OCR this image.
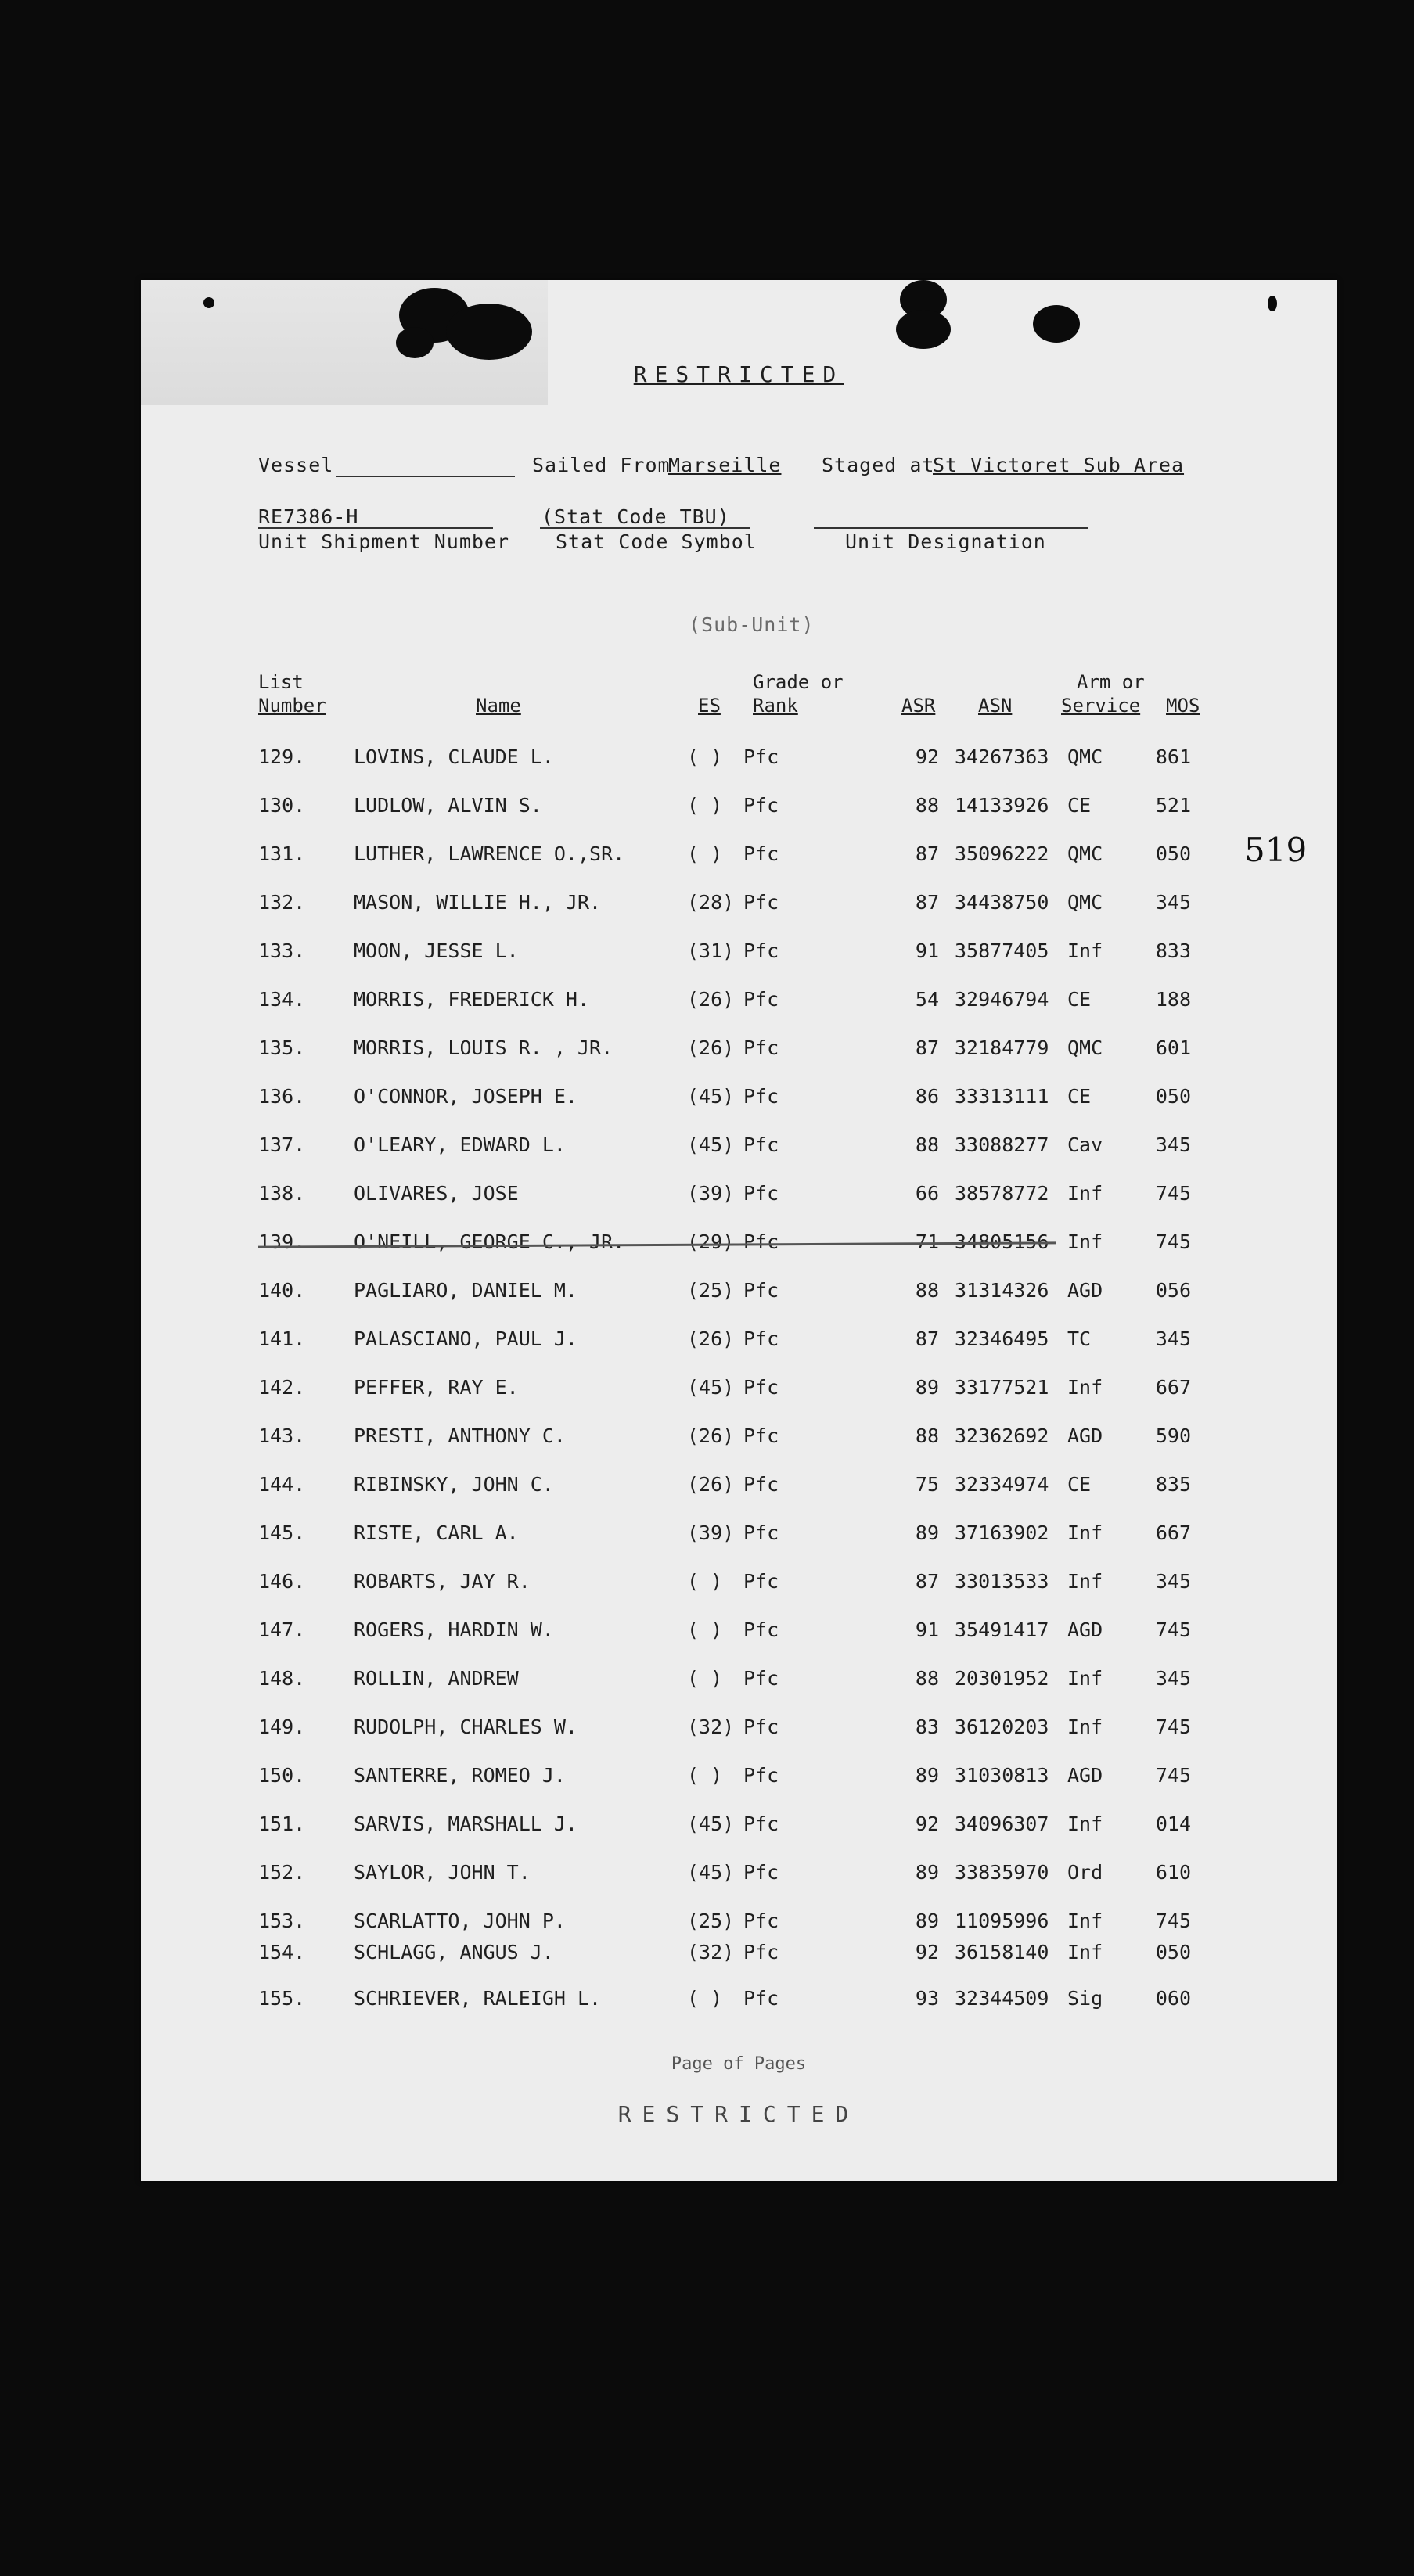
RESTRICTED
Vessel	Sailed From
Marseille Staged at
St Victoret Sub Area
RE7386-H
Unit Shipment Number
(Stat Code TBU)
Stat Code Symbol	Unit Designation
(Sub-Unit)
519
List
Number	Name	ES
Grade or
Rank	ASR ASN
Arm or
Service MOS
129. LOVINS, CLAUDE L.	( ) Pfc	92 34267363 QMC	861
130. LUDLOW, ALVIN S.	( ) Pfc	88 14133926 CE	521
131. LUTHER, LAWRENCE O.,SR.	( ) Pfc	87 35096222 QMC	050
132. MASON, WILLIE H., JR.	(28) Pfc	87 34438750 QMC	345
133. MOON, JESSE L.	(31) Pfc	91 35877405 Inf	833
134. MORRIS, FREDERICK H.	(26) Pfc	54 32946794 CE	188
135. MORRIS, LOUIS R. , JR.	(26) Pfc	87 32184779 QMC	601
136. O'CONNOR, JOSEPH E.	(45) Pfc	86 33313111 CE	050
137. O'LEARY, EDWARD L.	(45) Pfc	88 33088277 Cav	345
138. OLIVARES, JOSE	(39) Pfc	66 38578772 Inf	745
139. O'NEILL, GEORGE C., JR.	(29) Pfc	71 34805156 Inf	745
140. PAGLIARO, DANIEL M.	(25) Pfc	88 31314326 AGD	056
141. PALASCIANO, PAUL J.	(26) Pfc	87 32346495 TC	345
142. PEFFER, RAY E.	(45) Pfc	89 33177521 Inf	667
143. PRESTI, ANTHONY C.	(26) Pfc	88 32362692 AGD	590
144. RIBINSKY, JOHN C.	(26) Pfc	75 32334974 CE	835
145. RISTE, CARL A.	(39) Pfc	89 37163902 Inf	667
146. ROBARTS, JAY R.	( ) Pfc	87 33013533 Inf	345
147. ROGERS, HARDIN W.	( ) Pfc	91 35491417 AGD	745
148. ROLLIN, ANDREW	( ) Pfc	88 20301952 Inf	345
149. RUDOLPH, CHARLES W.	(32) Pfc	83 36120203 Inf	745
150. SANTERRE, ROMEO J.	( ) Pfc	89 31030813 AGD	745
151. SARVIS, MARSHALL J.	(45) Pfc	92 34096307 Inf	014
152. SAYLOR, JOHN T.	(45) Pfc	89 33835970 Ord	610
153. SCARLATTO, JOHN P.	(25) Pfc	89 11095996 Inf	745
154. SCHLAGG, ANGUS J.	(32) Pfc	92 36158140 Inf	050
155. SCHRIEVER, RALEIGH L.	( ) Pfc	93 32344509 Sig	060
Page of Pages
RESTRICTED
